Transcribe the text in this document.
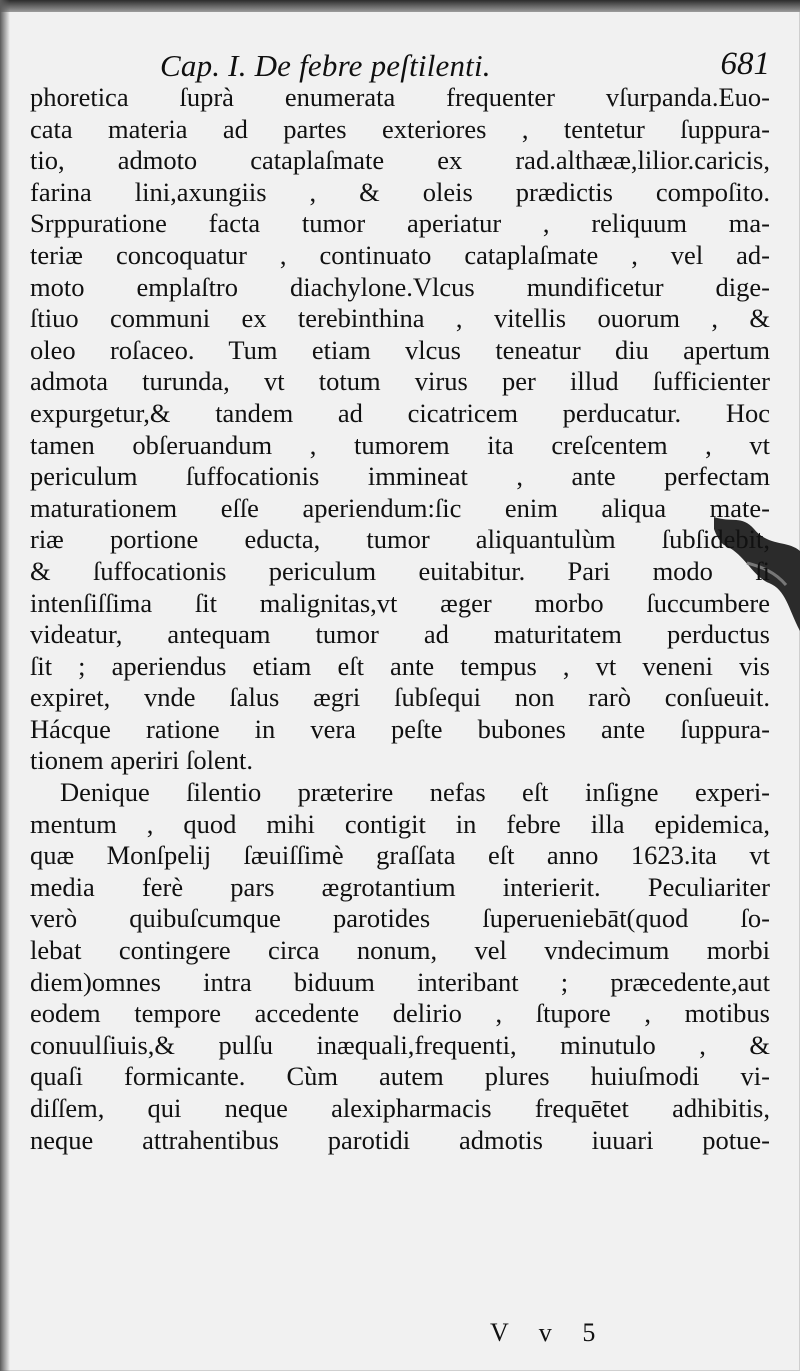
Cap. I. De febre peſtilenti.	681
phoretica ſuprà enumerata frequenter vſurpanda.Euo-
cata materia ad partes exteriores , tentetur ſuppura-
tio, admoto cataplaſmate ex rad.althææ,lilior.caricis,
farina lini,axungiis , & oleis prædictis compoſito.
Srppuratione facta tumor aperiatur , reliquum ma-
teriæ concoquatur , continuato cataplaſmate , vel ad-
moto emplaſtro diachylone.Vlcus mundificetur dige-
ſtiuo communi ex terebinthina , vitellis ouorum , &
oleo roſaceo. Tum etiam vlcus teneatur diu apertum
admota turunda, vt totum virus per illud ſufficienter
expurgetur,& tandem ad cicatricem perducatur. Hoc
tamen obſeruandum , tumorem ita creſcentem , vt
periculum ſuffocationis immineat , ante perfectam
maturationem eſſe aperiendum:ſic enim aliqua mate-
riæ portione educta, tumor aliquantulùm ſubſidebit,
& ſuffocationis periculum euitabitur. Pari modo ſi
intenſiſſima ſit malignitas,vt æger morbo ſuccumbere
videatur, antequam tumor ad maturitatem perductus
ſit ; aperiendus etiam eſt ante tempus , vt veneni vis
expiret, vnde ſalus ægri ſubſequi non rarò conſueuit.
Hácque ratione in vera peſte bubones ante ſuppura-
tionem aperiri ſolent.
Denique ſilentio præterire nefas eſt inſigne experi-
mentum , quod mihi contigit in febre illa epidemica,
quæ Monſpelij ſæuiſſimè graſſata eſt anno 1623.ita vt
media ferè pars ægrotantium interierit. Peculiariter
verò quibuſcumque parotides ſuperueniebāt(quod ſo-
lebat contingere circa nonum, vel vndecimum morbi
diem)omnes intra biduum interibant ; præcedente,aut
eodem tempore accedente delirio , ſtupore , motibus
conuulſiuis,& pulſu inæquali,frequenti, minutulo , &
quaſi formicante. Cùm autem plures huiuſmodi vi-
diſſem, qui neque alexipharmacis frequētet adhibitis,
neque attrahentibus parotidi admotis iuuari potue-
V v 5
